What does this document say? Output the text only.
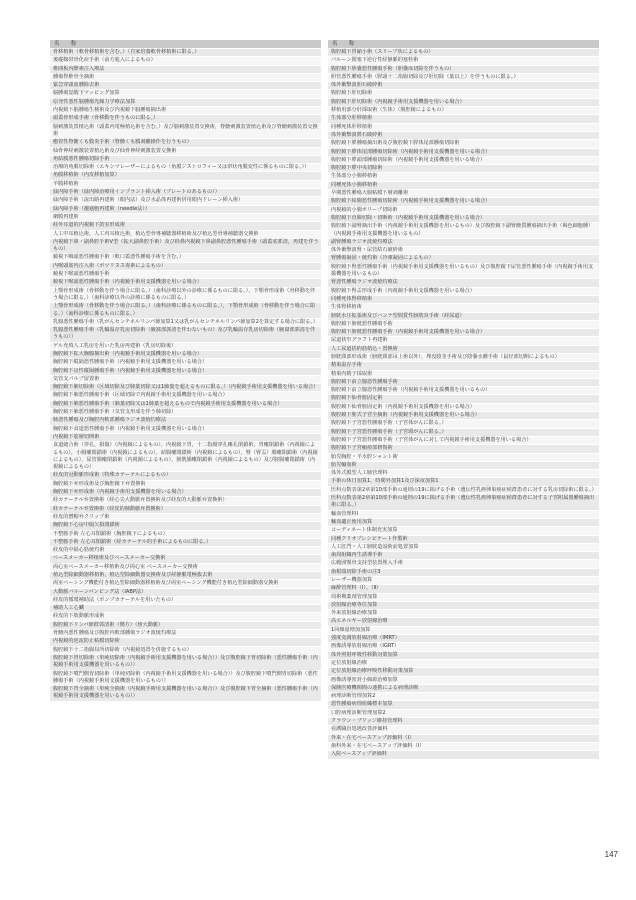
名　　称
骨移植術（軟骨移植術を含む。）（自家培養軟骨移植術に限る。）
後縦靱帯骨化症手術（前方進入によるもの）
椎間板内酵素注入療法
腫瘍脊椎骨全摘術
緊急穿頭血腫除去術
脳腫瘍覚醒下マッピング加算
原発性悪性脳腫瘍光線力学療法加算
内視鏡下脳腫瘍生検術及び内視鏡下脳腫瘍摘出術
頭蓋骨形成手術（骨移動を伴うものに限る。）
脳刺激装置植込術（頭蓋内電極植込術を含む。）及び脳刺激装置交換術，脊髄刺激装置植込術及び脊髄刺激装置交換術
癒着性脊髄くも膜炎手術（脊髄くも膜剥離操作を行うもの）
仙骨神経刺激装置植込術及び仙骨神経刺激装置交換術
角結膜悪性腫瘍切除手術
治療的角膜切除術（エキシマレーザーによるもの（角膜ジストロフィー又は帯状角膜変性に係るものに限る。））
角膜移植術（内皮移植加算）
羊膜移植術
緑内障手術（緑内障治療用インプラント挿入術（プレートのあるもの））
緑内障手術（流出路再建術（眼内法）及び水晶体再建術併用眼内ドレーン挿入術）
緑内障手術（濾過胞再建術（needle法））
網膜再建術
経外耳道的内視鏡下鼓室形成術
人工中耳植込術，人工内耳植込術，植込型骨導補聴器移植術及び植込型骨導補聴器交換術
内視鏡下鼻・副鼻腔手術V型（拡大副鼻腔手術）及び経鼻内視鏡下鼻副鼻腔悪性腫瘍手術（頭蓋底郭清，再建を伴うもの）
鏡視下咽頭悪性腫瘍手術（軟口蓋悪性腫瘍手術を含む。）
内喉頭筋内注入術（ボツリヌス毒素によるもの）
鏡視下喉頭悪性腫瘍手術
鏡視下喉頭悪性腫瘍手術（内視鏡手術用支援機器を用いる場合）
上顎骨形成術（骨移動を伴う場合に限る。）（歯科診療以外の診療に係るものに限る。），下顎骨形成術（骨移動を伴う場合に限る。）（歯科診療以外の診療に係るものに限る。）
上顎骨形成術（骨移動を伴う場合に限る。）（歯科診療に係るものに限る。），下顎骨形成術（骨移動を伴う場合に限る。）（歯科診療に係るものに限る。）
乳腺悪性腫瘍手術（乳がんセンチネルリンパ節加算1又は乳がんセンチネルリンパ節加算2を算定する場合に限る。）
乳腺悪性腫瘍手術（乳輪温存乳房切除術（腋窩部郭清を伴わないもの）及び乳輪温存乳房切除術（腋窩部郭清を伴うもの））
ゲル充填人工乳房を用いた乳房再建術（乳房切除後）
胸腔鏡下拡大胸腺摘出術（内視鏡手術用支援機器を用いる場合）
胸腔鏡下縦隔悪性腫瘍手術（内視鏡手術用支援機器を用いる場合）
胸腔鏡下良性縦隔腫瘍手術（内視鏡手術用支援機器を用いる場合）
気管支バルブ留置術
胸腔鏡下肺切除術（区域切除及び肺葉切除又は1肺葉を超えるものに限る。）（内視鏡手術用支援機器を用いる場合）
胸腔鏡下肺悪性腫瘍手術（区域切除で内視鏡手術用支援機器を用いる場合）
胸腔鏡下肺悪性腫瘍手術（肺葉切除又は1肺葉を超えるもので内視鏡手術用支援機器を用いる場合）
胸腔鏡下肺悪性腫瘍手術（気管支形成を伴う肺切除）
肺悪性腫瘍及び胸腔内軟部腫瘍ラジオ波焼灼療法
胸腔鏡下食道悪性腫瘍手術（内視鏡手術用支援機器を用いる場合）
内視鏡下筋層切開術
食道縫合術（穿孔，損傷）（内視鏡によるもの），内視鏡下胃，十二指腸穿孔瘻孔閉鎖術，胃瘻閉鎖術（内視鏡によるもの），小腸瘻閉鎖術（内視鏡によるもの），結腸瘻閉鎖術（内視鏡によるもの），腎（腎盂）腸瘻閉鎖術（内視鏡によるもの），尿管腸瘻閉鎖術（内視鏡によるもの），膀胱腸瘻閉鎖術（内視鏡によるもの）及び腟腸瘻閉鎖術（内視鏡によるもの）
経皮的冠動脈形成術（特殊カテーテルによるもの）
胸腔鏡下弁形成術及び胸腔鏡下弁置換術
胸腔鏡下弁形成術（内視鏡手術用支援機器を用いる場合）
経カテーテル弁置換術（経心尖大動脈弁置換術及び経皮的大動脈弁置換術）
経カテーテル弁置換術（経皮的肺動脈弁置換術）
経皮的僧帽弁クリップ術
胸腔鏡下心房中隔欠損閉鎖術
不整脈手術 左心耳閉鎖術（胸腔鏡下によるもの）
不整脈手術 左心耳閉鎖術（経カテーテル的手術によるものに限る。）
経皮的中隔心筋焼灼術
ペースメーカー移植術及びペースメーカー交換術
両心室ペースメーカー移植術及び両心室 ペースメーカー交換術
植込型除細動器移植術，植込型除細動器交換術及び経静脈電極抜去術
両室ペーシング機能付き植込型除細動器移植術及び両室ペーシング機能付き植込型除細動器交換術
大動脈バルーンパンピング法（IABP法）
経皮的循環補助法（ポンプカテーテルを用いたもの）
補助人工心臓
経皮的下肢動脈形成術
腹腔鏡下リンパ節群郭清術（側方）（傍大動脈）
骨髄内悪性腫瘍及び腹腔内軟部腫瘍ラジオ波焼灼療法
内視鏡的逆流防止粘膜切除術
腹腔鏡下十二指腸局所切除術（内視鏡処置を併施するもの）
腹腔鏡下胃切除術（単純切除術（内視鏡手術用支援機器を用いる場合））及び腹腔鏡下胃切除術（悪性腫瘍手術（内視鏡手術用支援機器を用いるもの））
腹腔鏡下噴門側胃切除術（単純切除術（内視鏡手術用支援機器を用いる場合））及び腹腔鏡下噴門側胃切除術（悪性腫瘍手術（内視鏡手術用支援機器を用いるもの））
腹腔鏡下胃全摘術（単純全摘術（内視鏡手術用支援機器を用いる場合））及び腹腔鏡下胃全摘術（悪性腫瘍手術（内視鏡手術用支援機器を用いるもの））
名　　称
腹腔鏡下胃縮小術（スリーブ状によるもの）
バルーン閉塞下逆行性経静脈的塞栓術
腹腔鏡下胆嚢悪性腫瘍手術（胆嚢床切除を伴うもの）
胆管悪性腫瘍手術（膵頭十二指腸切除及び肝切除（葉以上）を伴うものに限る。）
体外衝撃波胆石破砕術
腹腔鏡下肝切除術
腹腔鏡下肝切除術（内視鏡手術用支援機器を用いる場合）
移植用部分肝採取術（生体）（腹腔鏡によるもの）
生体部分肝移植術
同種死体肝移植術
体外衝撃波膵石破砕術
腹腔鏡下膵腫瘍摘出術及び腹腔鏡下膵体尾部腫瘍切除術
腹腔鏡下膵体尾部腫瘍切除術（内視鏡手術用支援機器を用いる場合）
腹腔鏡下膵頭部腫瘍切除術（内視鏡手術用支援機器を用いる場合）
腹腔鏡下膵中央切除術
生体部分小腸移植術
同種死体小腸移植術
早期悪性腫瘍大腸粘膜下層剥離術
腹腔鏡下結腸悪性腫瘍切除術（内視鏡手術用支援機器を用いる場合）
内視鏡的小腸ポリープ切除術
腹腔鏡下直腸切除・切断術（内視鏡手術用支援機器を用いる場合）
腹腔鏡下副腎摘出手術（内視鏡手術用支援機器を用いるもの）及び腹腔鏡下副腎髄質腫瘍摘出手術（褐色細胞腫）（内視鏡手術用支援機器を用いるもの）
副腎腫瘍ラジオ波焼灼療法
体外衝撃波腎・尿管結石破砕術
腎腫瘍凝固・焼灼術（冷凍凝固によるもの）
腹腔鏡下腎悪性腫瘍手術（内視鏡手術用支援機器を用いるもの）及び腹腔鏡下尿管悪性腫瘍手術（内視鏡手術用支援機器を用いるもの）
腎悪性腫瘍ラジオ波焼灼療法
腹腔鏡下腎盂形成手術（内視鏡手術用支援機器を用いる場合）
同種死体腎移植術
生体腎移植術
膀胱水圧拡張術及びハンナ型間質性膀胱炎手術（経尿道）
腹腔鏡下膀胱悪性腫瘍手術
腹腔鏡下膀胱悪性腫瘍手術（内視鏡手術用支援機器を用いる場合）
尿道狭窄グラフト再建術
人工尿道括約筋植込・置換術
膀胱頸部形成術（膀胱頸部吊上術以外），埋没陰茎手術及び陰嚢水腫手術（鼠径部切開によるもの）
精巣温存手術
精巣内精子採取術
腹腔鏡下前立腺悪性腫瘍手術
腹腔鏡下前立腺悪性腫瘍手術（内視鏡手術用支援機器を用いるもの）
腹腔鏡下仙骨腟固定術
腹腔鏡下仙骨腟固定術（内視鏡手術用支援機器を用いる場合）
腹腔鏡下腟式子宮全摘術（内視鏡手術用支援機器を用いる場合）
腹腔鏡下子宮悪性腫瘍手術（子宮体がんに限る。）
腹腔鏡下子宮悪性腫瘍手術（子宮頸がんに限る。）
腹腔鏡下子宮悪性腫瘍手術（子宮体がんに対して内視鏡手術用支援機器を用いる場合）
腹腔鏡下子宮瘢痕部修復術
胎児胸腔・羊水腔シャント術
胎児輸血術
体外式膜型人工肺管理料
手術の休日加算1，時間外加算1及び深夜加算1
医科点数表第2章第10部手術の通則の19に掲げる手術（遺伝性乳癌卵巣癌症候群患者に対する乳房切除術に限る。）
医科点数表第2章第10部手術の通則の19に掲げる手術（遺伝性乳癌卵巣癌症候群患者に対する子宮附属器腫瘍摘出術に限る。）
輸血管理料Ⅰ
輸血適正使用加算
コーディネート体制充実加算
同種クリオプレシピテート作製術
人工肛門・人工膀胱造設術前処置加算
歯周組織再生誘導手術
広範囲顎骨支持型装置埋入手術
歯根端切除手術の注3
レーザー機器加算
麻酔管理料（Ⅰ）、（Ⅱ）
周術期薬剤管理加算
放射線治療専任加算
外来放射線治療加算
高エネルギー放射線治療
1回線量増加加算
強度変調放射線治療（IMRT）
画像誘導放射線治療（IGRT）
体外照射呼吸性移動対策加算
定位放射線治療
定位放射線治療呼吸性移動対策加算
画像誘導密封小線源治療加算
保険医療機関間の連携による病理診断
病理診断管理加算2
悪性腫瘍病理組織標本加算
口腔病理診断管理加算2
クラウン・ブリッジ維持管理料
看護職員処遇改善評価料
外来・在宅ベースアップ評価料（Ⅰ）
歯科外来・在宅ベースアップ評価料（Ⅰ）
入院ベースアップ評価料
147
